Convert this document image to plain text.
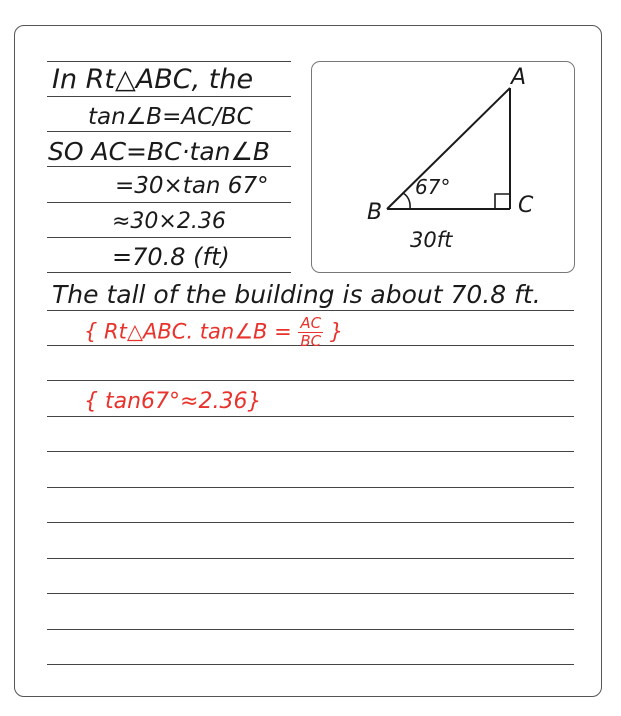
In Rt△ABC, the
tan∠B=AC/BC
SO AC=BC·tan∠B
=30×tan 67°
≈30×2.36
=70.8 (ft)
The tall of the building is about 70.8 ft.
{ Rt△ABC. tan∠B = $\frac{AC}{BC}$ }
{ tan67°≈2.36}
A
B	C
67°
30ft
